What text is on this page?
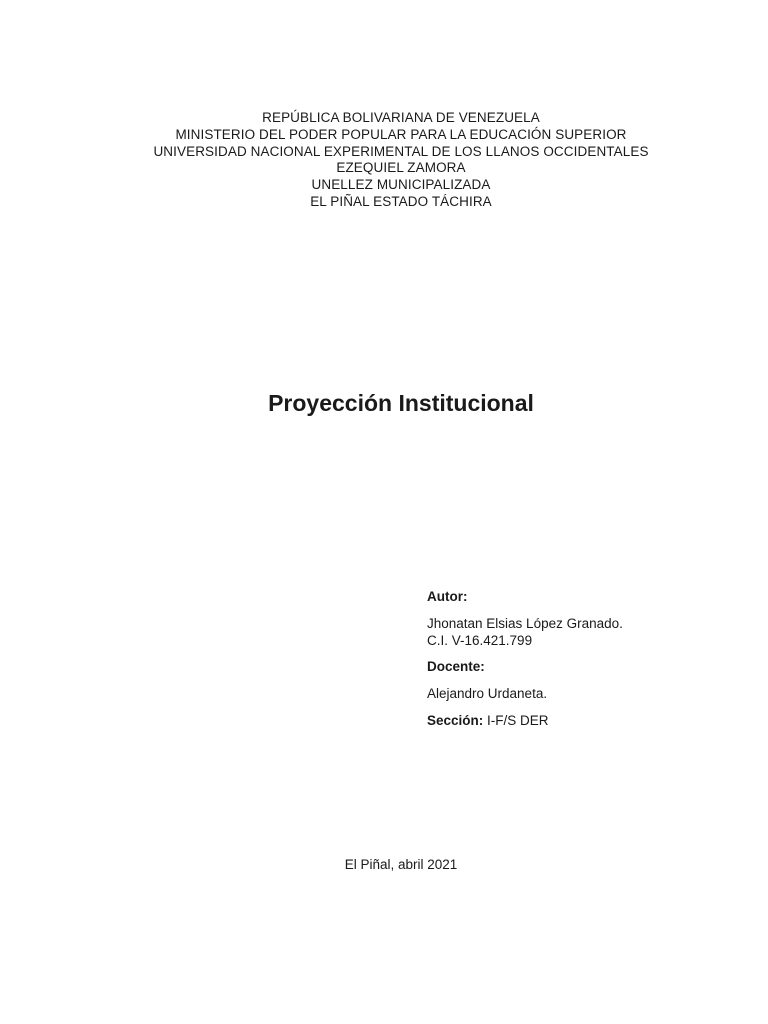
REPÚBLICA BOLIVARIANA DE VENEZUELA
MINISTERIO DEL PODER POPULAR PARA LA EDUCACIÓN SUPERIOR
UNIVERSIDAD NACIONAL EXPERIMENTAL DE LOS LLANOS OCCIDENTALES
EZEQUIEL ZAMORA
UNELLEZ MUNICIPALIZADA
EL PIÑAL ESTADO TÁCHIRA
Proyección Institucional
Autor:
Jhonatan Elsias López Granado.
C.I. V-16.421.799
Docente:
Alejandro Urdaneta.
Sección: I-F/S DER
El Piñal, abril 2021
